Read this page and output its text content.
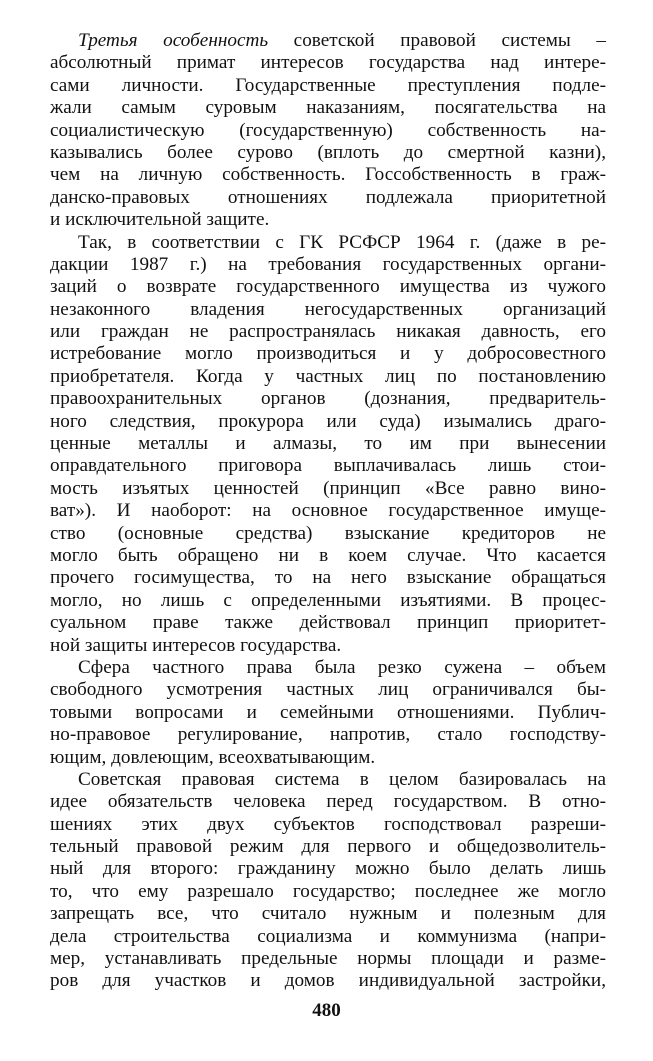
Третья особенность советской правовой системы –
абсолютный примат интересов государства над интере-
сами личности. Государственные преступления подле-
жали самым суровым наказаниям, посягательства на
социалистическую (государственную) собственность на-
казывались более сурово (вплоть до смертной казни),
чем на личную собственность. Госсобственность в граж-
данско-правовых отношениях подлежала приоритетной
и исключительной защите.
Так, в соответствии с ГК РСФСР 1964 г. (даже в ре-
дакции 1987 г.) на требования государственных органи-
заций о возврате государственного имущества из чужого
незаконного владения негосударственных организаций
или граждан не распространялась никакая давность, его
истребование могло производиться и у добросовестного
приобретателя. Когда у частных лиц по постановлению
правоохранительных органов (дознания, предваритель-
ного следствия, прокурора или суда) изымались драго-
ценные металлы и алмазы, то им при вынесении
оправдательного приговора выплачивалась лишь стои-
мость изъятых ценностей (принцип «Все равно вино-
ват»). И наоборот: на основное государственное имуще-
ство (основные средства) взыскание кредиторов не
могло быть обращено ни в коем случае. Что касается
прочего госимущества, то на него взыскание обращаться
могло, но лишь с определенными изъятиями. В процес-
суальном праве также действовал принцип приоритет-
ной защиты интересов государства.
Сфера частного права была резко сужена – объем
свободного усмотрения частных лиц ограничивался бы-
товыми вопросами и семейными отношениями. Публич-
но-правовое регулирование, напротив, стало господству-
ющим, довлеющим, всеохватывающим.
Советская правовая система в целом базировалась на
идее обязательств человека перед государством. В отно-
шениях этих двух субъектов господствовал разреши-
тельный правовой режим для первого и общедозволитель-
ный для второго: гражданину можно было делать лишь
то, что ему разрешало государство; последнее же могло
запрещать все, что считало нужным и полезным для
дела строительства социализма и коммунизма (напри-
мер, устанавливать предельные нормы площади и разме-
ров для участков и домов индивидуальной застройки,
480
